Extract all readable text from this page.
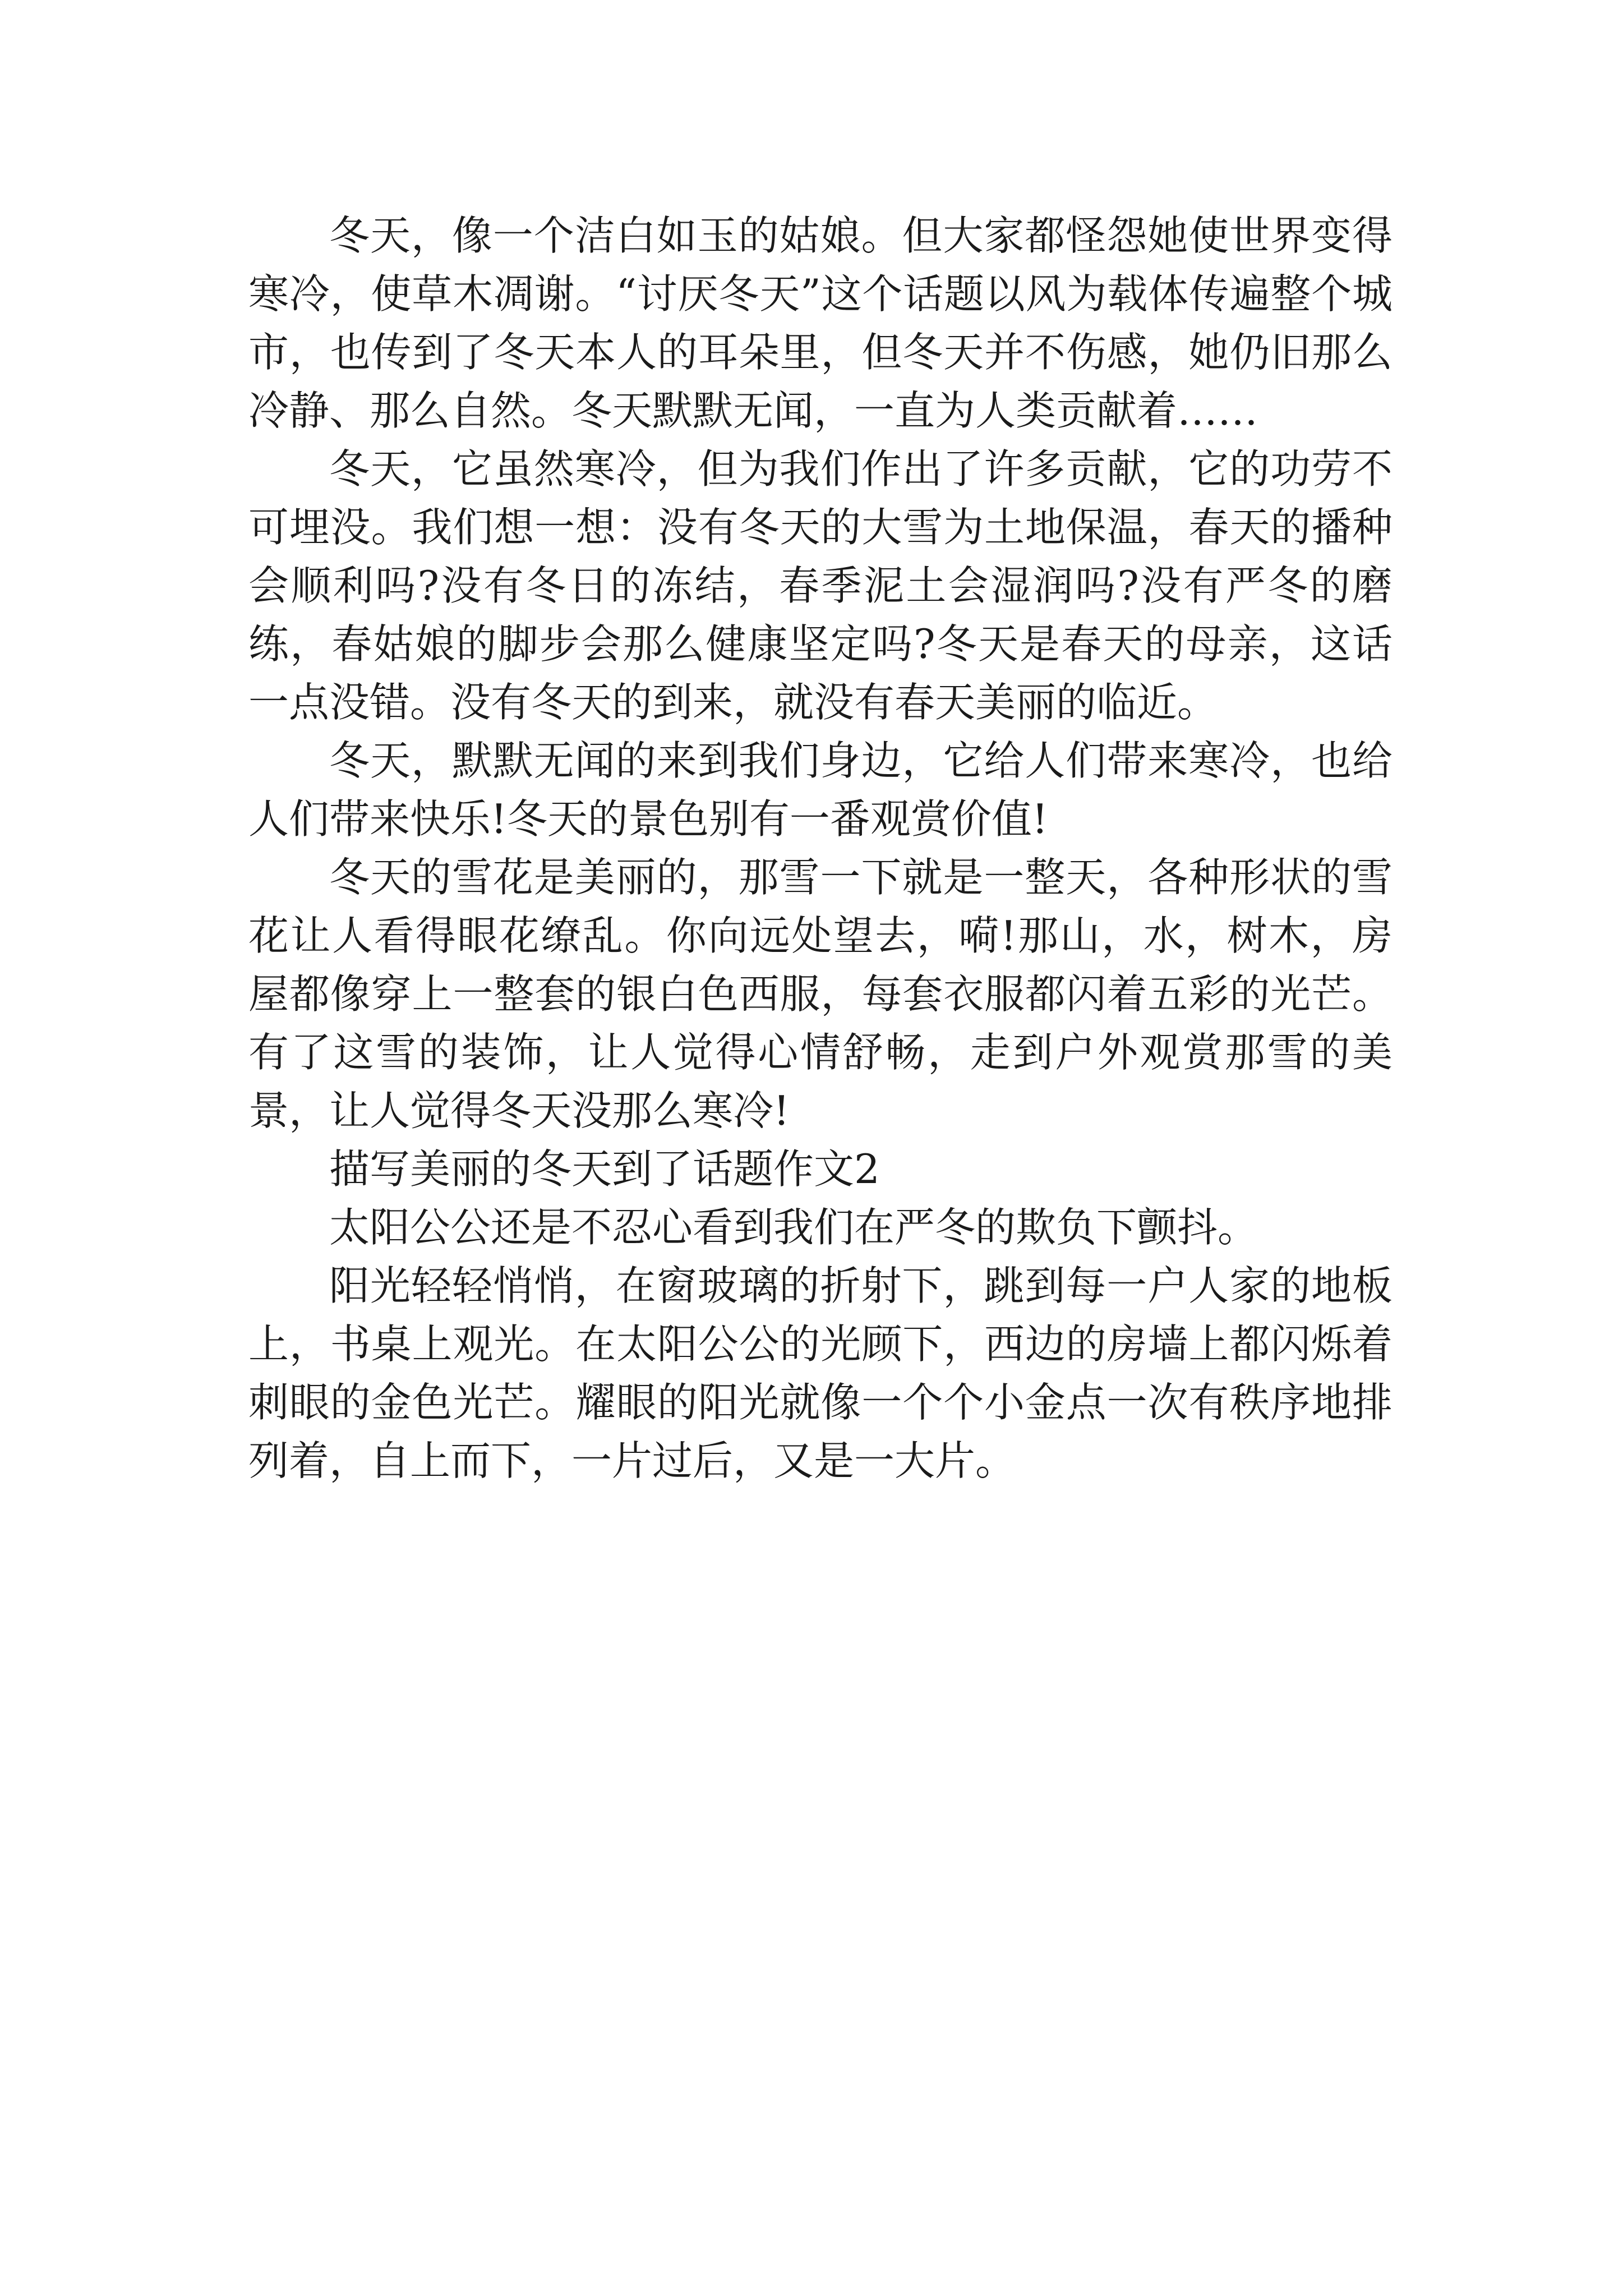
冬天，像一个洁白如玉的姑娘。但大家都怪怨她使世界变得寒冷，使草木凋谢。“讨厌冬天”这个话题以风为载体传遍整个城市，也传到了冬天本人的耳朵里，但冬天并不伤感，她仍旧那么冷静、那么自然。冬天默默无闻，一直为人类贡献着……

冬天，它虽然寒冷，但为我们作出了许多贡献，它的功劳不可埋没。我们想一想：没有冬天的大雪为土地保温，春天的播种会顺利吗?没有冬日的冻结，春季泥土会湿润吗?没有严冬的磨练，春姑娘的脚步会那么健康坚定吗?冬天是春天的母亲，这话一点没错。没有冬天的到来，就没有春天美丽的临近。

冬天，默默无闻的来到我们身边，它给人们带来寒冷，也给人们带来快乐!冬天的景色别有一番观赏价值!

冬天的雪花是美丽的，那雪一下就是一整天，各种形状的雪花让人看得眼花缭乱。你向远处望去，嗬!那山，水，树木，房屋都像穿上一整套的银白色西服，每套衣服都闪着五彩的光芒。有了这雪的装饰，让人觉得心情舒畅，走到户外观赏那雪的美景，让人觉得冬天没那么寒冷!

描写美丽的冬天到了话题作文2

太阳公公还是不忍心看到我们在严冬的欺负下颤抖。

阳光轻轻悄悄，在窗玻璃的折射下，跳到每一户人家的地板上，书桌上观光。在太阳公公的光顾下，西边的房墙上都闪烁着刺眼的金色光芒。耀眼的阳光就像一个个小金点一次有秩序地排列着，自上而下，一片过后，又是一大片。
